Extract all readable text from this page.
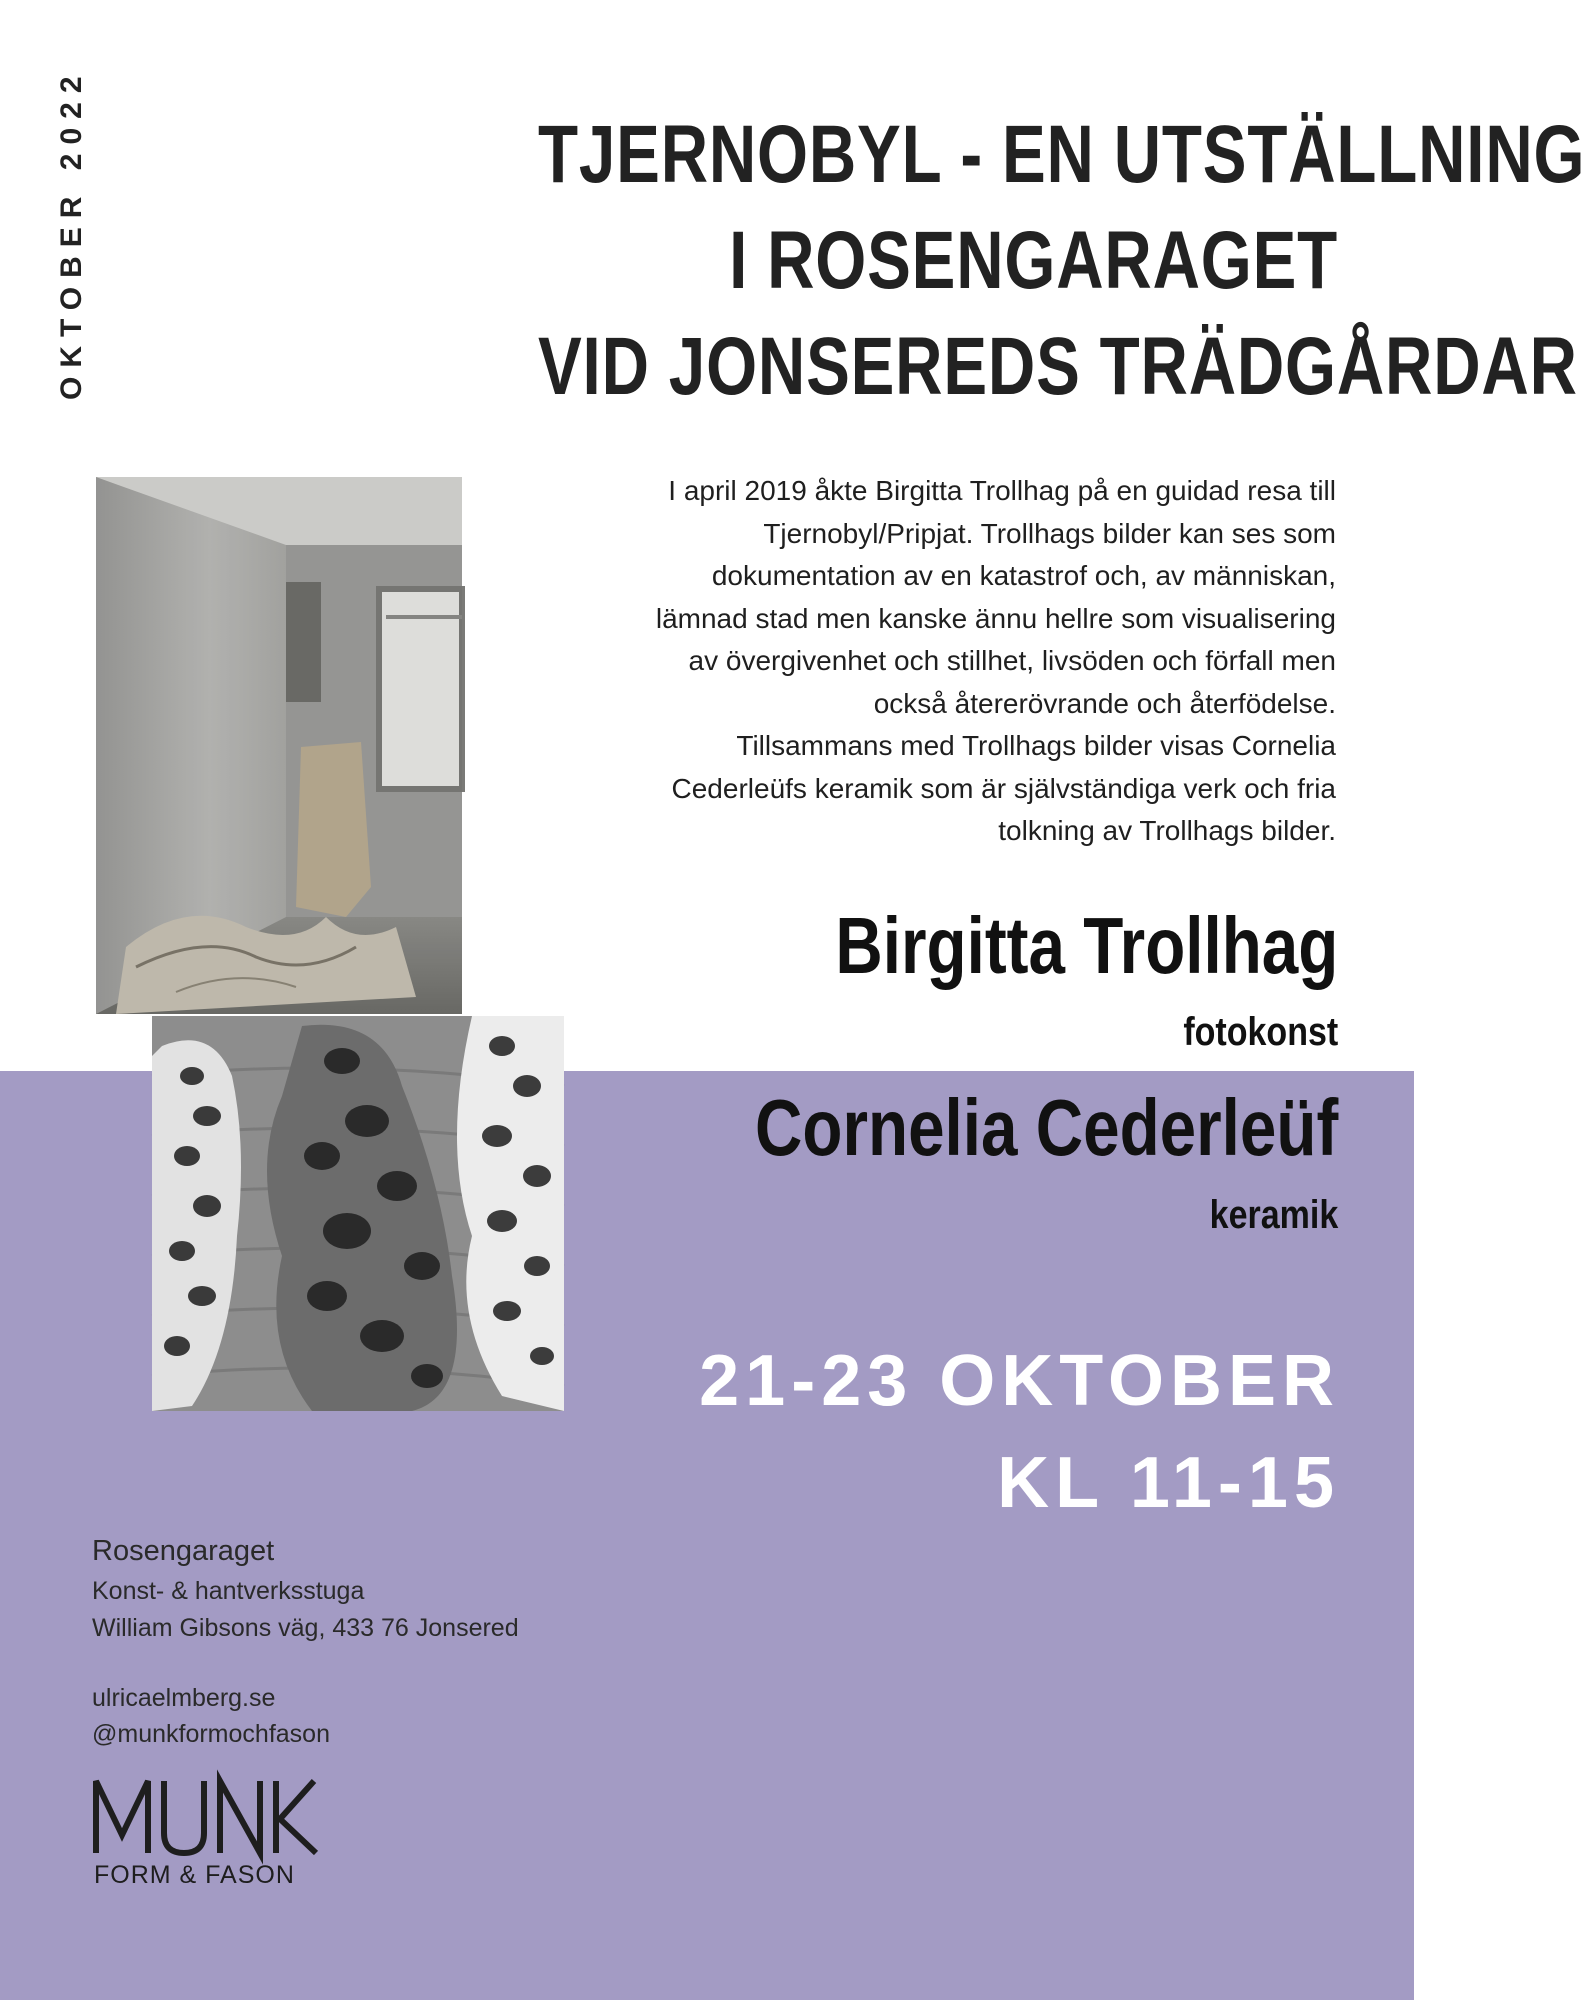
OKTOBER 2022	TJERNOBYL - EN UTSTÄLLNING
I ROSENGARAGET
VID JONSEREDS TRÄDGÅRDAR

I april 2019 åkte Birgitta Trollhag på en guidad resa till

Tjernobyl/Pripjat. Trollhags bilder kan ses som

dokumentation av en katastrof och, av människan,

lämnad stad men kanske ännu hellre som visualisering

av övergivenhet och stillhet, livsöden och förfall men

också återerövrande och återfödelse.

Tillsammans med Trollhags bilder visas Cornelia

Cederleüfs keramik som är självständiga verk och fria

tolkning av Trollhags bilder.

Birgitta Trollhag
fotokonst
Cornelia Cederleüf
keramik
21-23 OKTOBER
KL 11-15
Rosengaraget
Konst- & hantverksstuga
William Gibsons väg, 433 76 Jonsered
ulricaelmberg.se
@munkformochfason
FORM & FASON
